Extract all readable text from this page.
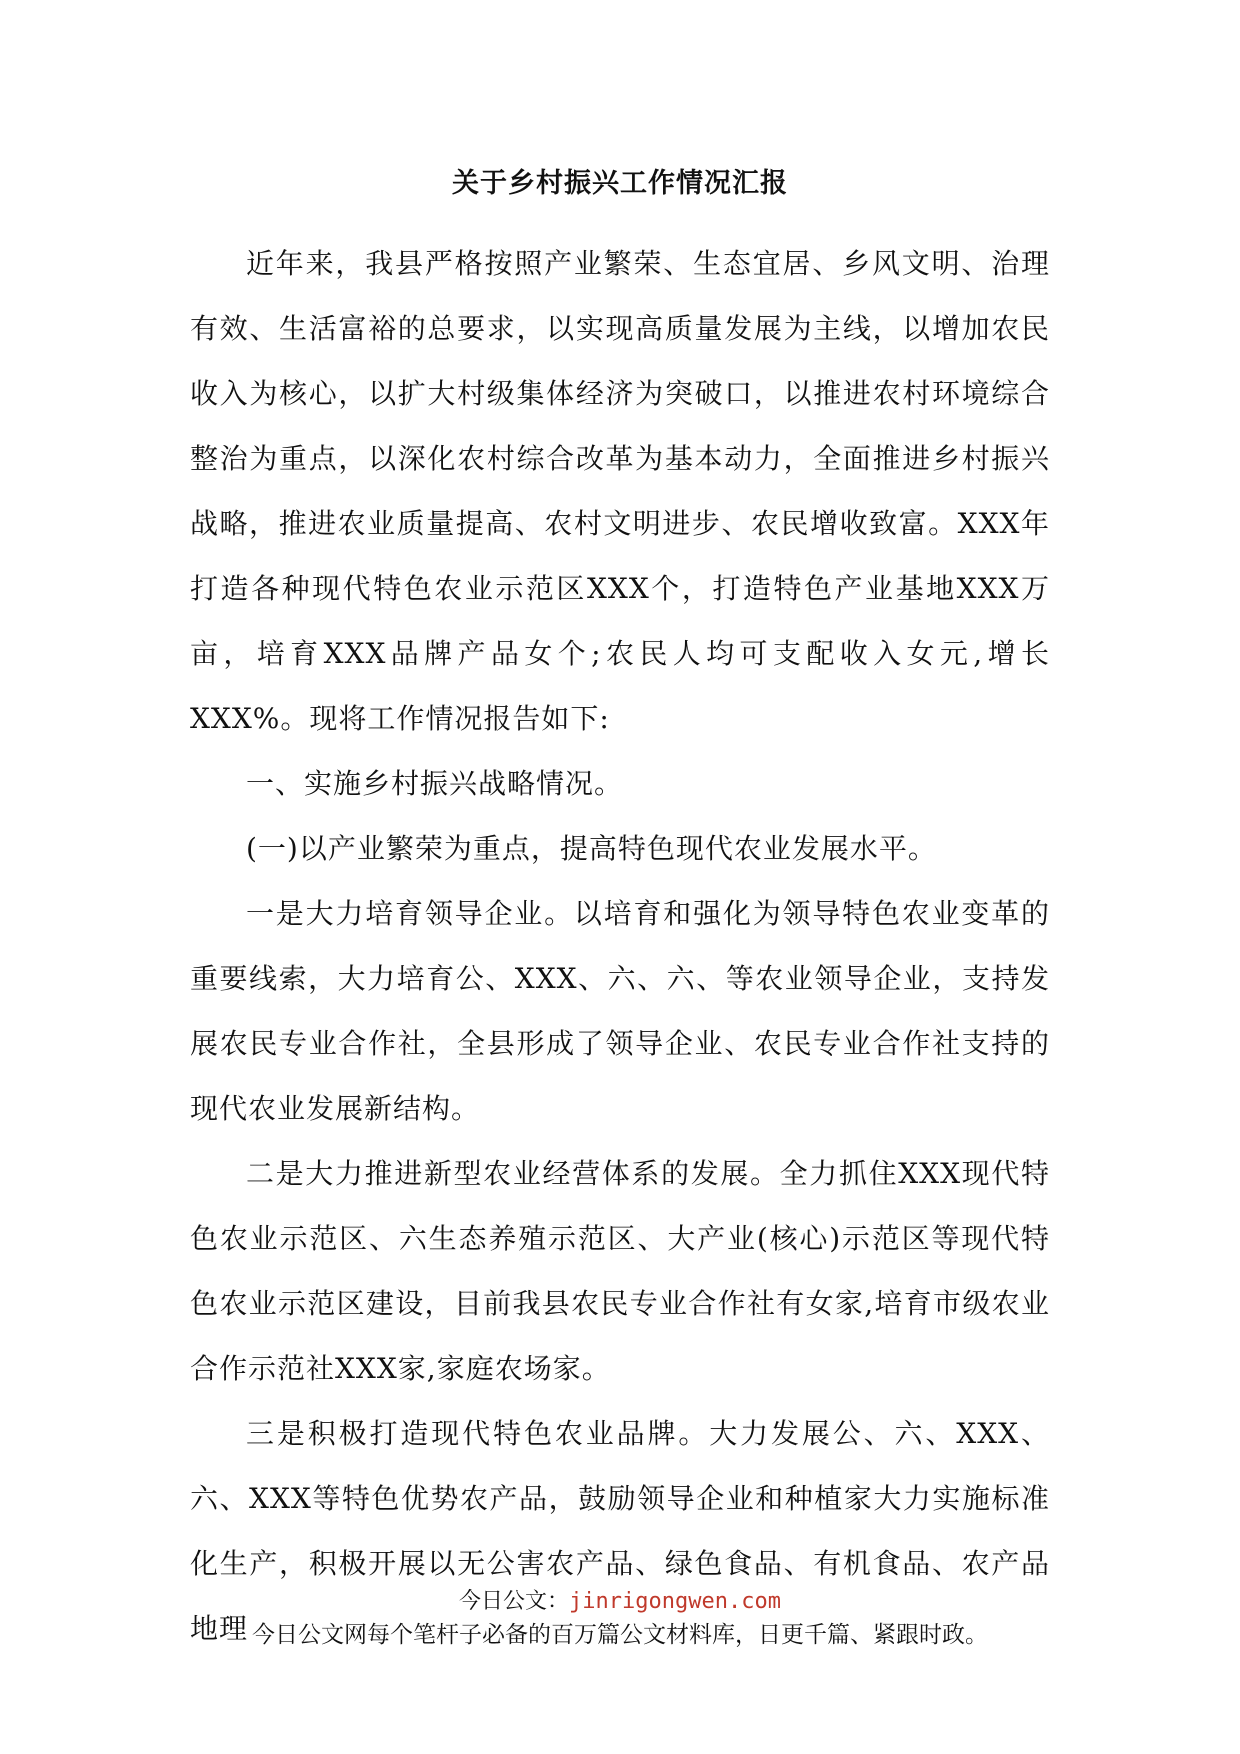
关于乡村振兴工作情况汇报

近年来，我县严格按照产业繁荣、生态宜居、乡风文明、治理有效、生活富裕的总要求，以实现高质量发展为主线，以增加农民收入为核心，以扩大村级集体经济为突破口，以推进农村环境综合整治为重点，以深化农村综合改革为基本动力，全面推进乡村振兴战略，推进农业质量提高、农村文明进步、农民增收致富。XXX年打造各种现代特色农业示范区XXX个，打造特色产业基地XXX万亩，培育XXX品牌产品女个;农民人均可支配收入女元,增长XXX%。现将工作情况报告如下:

一、实施乡村振兴战略情况。

(一)以产业繁荣为重点，提高特色现代农业发展水平。

一是大力培育领导企业。以培育和强化为领导特色农业变革的重要线索，大力培育公、XXX、六、六、等农业领导企业，支持发展农民专业合作社，全县形成了领导企业、农民专业合作社支持的现代农业发展新结构。

二是大力推进新型农业经营体系的发展。全力抓住XXX现代特色农业示范区、六生态养殖示范区、大产业(核心)示范区等现代特色农业示范区建设，目前我县农民专业合作社有女家,培育市级农业合作示范社XXX家,家庭农场家。

三是积极打造现代特色农业品牌。大力发展公、六、XXX、六、XXX等特色优势农产品，鼓励领导企业和种植家大力实施标准化生产，积极开展以无公害农产品、绿色食品、有机食品、农产品地理

今日公文：jinrigongwen.com
今日公文网每个笔杆子必备的百万篇公文材料库，日更千篇、紧跟时政。
